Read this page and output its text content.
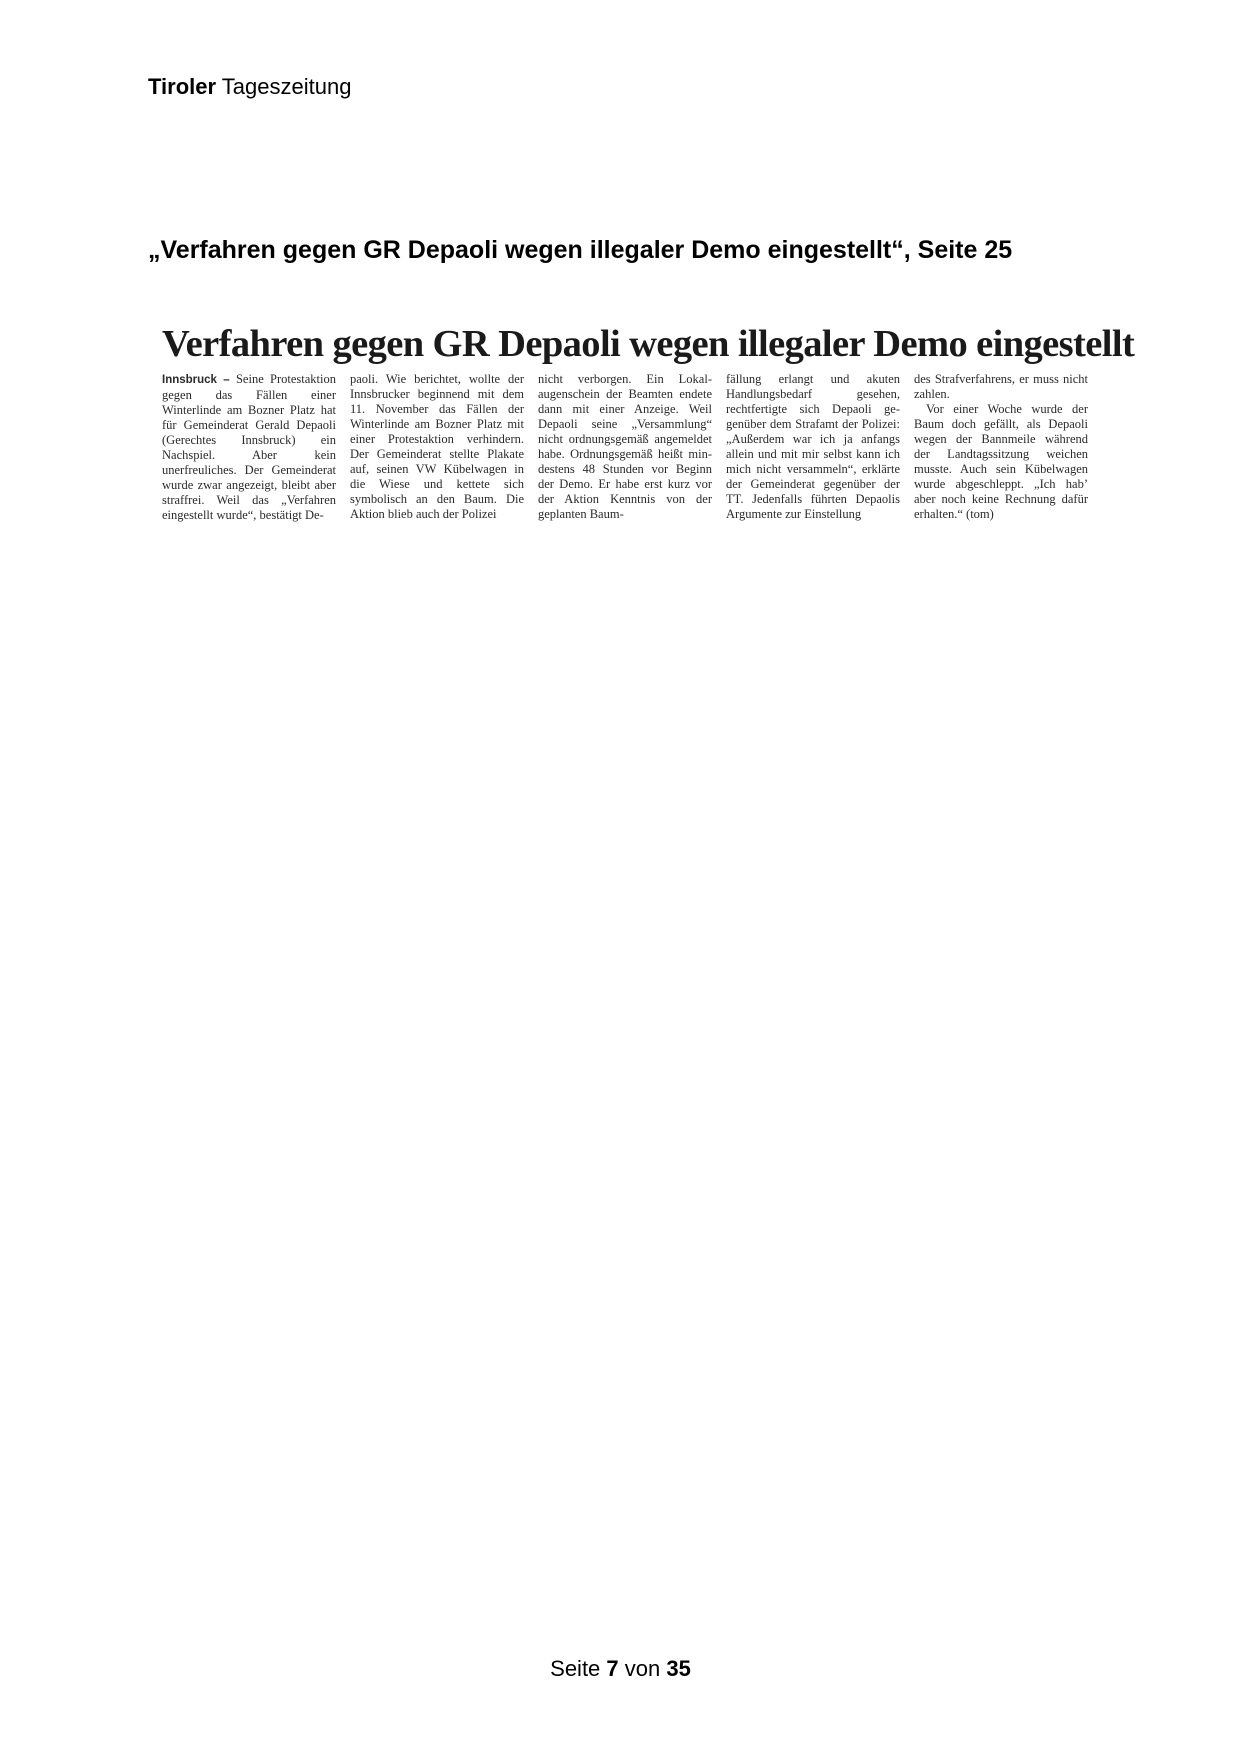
Tiroler Tageszeitung
„Verfahren gegen GR Depaoli wegen illegaler Demo eingestellt“, Seite 25
Verfahren gegen GR Depaoli wegen illegaler Demo eingestellt
Innsbruck – Seine Protestaktion gegen das Fällen einer Winterlinde am Bozner Platz hat für Gemeinderat Gerald Depaoli (Gerechtes Innsbruck) ein Nachspiel. Aber kein unerfreuliches. Der Gemeinderat wurde zwar angezeigt, bleibt aber straffrei. Weil das „Verfahren eingestellt wurde“, bestätigt De-
paoli. Wie berichtet, wollte der Innsbrucker beginnend mit dem 11. November das Fällen der Winterlinde am Bozner Platz mit einer Protestaktion verhindern. Der Gemeinderat stellte Plakate auf, seinen VW Kübelwagen in die Wiese und kettete sich symbolisch an den Baum. Die Aktion blieb auch der Polizei
nicht verborgen. Ein Lokalaugenschein der Beamten endete dann mit einer Anzeige. Weil Depaoli seine „Versammlung“ nicht ordnungsgemäß angemeldet habe. Ordnungsgemäß heißt mindestens 48 Stunden vor Beginn der Demo. Er habe erst kurz vor der Aktion Kenntnis von der geplanten Baum-
fällung erlangt und akuten Handlungsbedarf gesehen, rechtfertigte sich Depaoli gegenüber dem Strafamt der Polizei: „Außerdem war ich ja anfangs allein und mit mir selbst kann ich mich nicht versammeln“, erklärte der Gemeinderat gegenüber der TT. Jedenfalls führten Depaolis Argumente zur Einstellung
des Strafverfahrens, er muss nicht zahlen.
Vor einer Woche wurde der Baum doch gefällt, als Depaoli wegen der Bannmeile während der Landtagssitzung weichen musste. Auch sein Kübelwagen wurde abgeschleppt. „Ich hab’ aber noch keine Rechnung dafür erhalten.“ (tom)
Seite 7 von 35
